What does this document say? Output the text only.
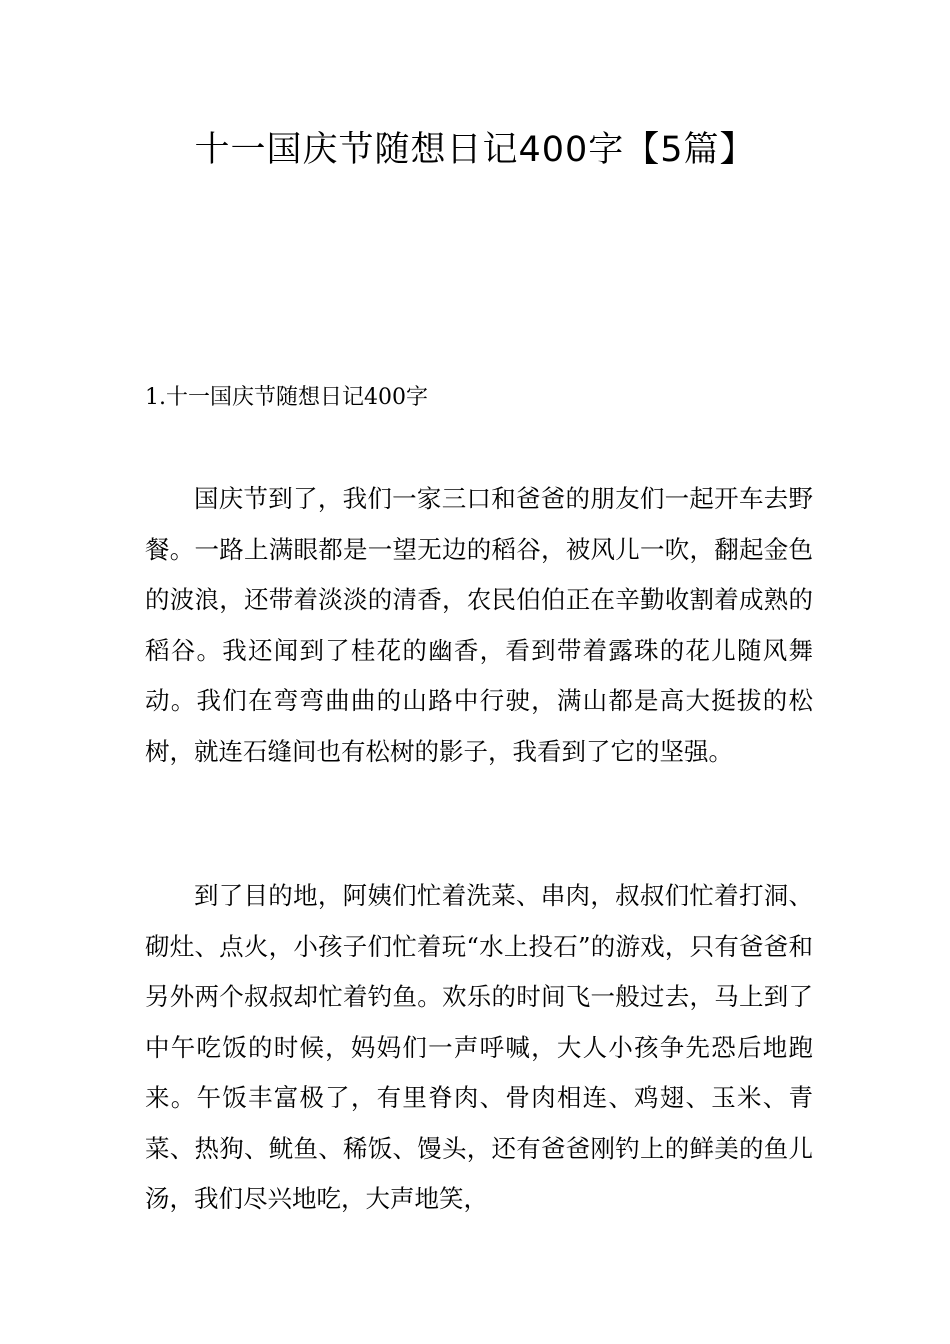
十一国庆节随想日记400字【5篇】

1.十一国庆节随想日记400字

国庆节到了，我们一家三口和爸爸的朋友们一起开车去野餐。一路上满眼都是一望无边的稻谷，被风儿一吹，翻起金色的波浪，还带着淡淡的清香，农民伯伯正在辛勤收割着成熟的稻谷。我还闻到了桂花的幽香，看到带着露珠的花儿随风舞动。我们在弯弯曲曲的山路中行驶，满山都是高大挺拔的松树，就连石缝间也有松树的影子，我看到了它的坚强。

到了目的地，阿姨们忙着洗菜、串肉，叔叔们忙着打洞、砌灶、点火，小孩子们忙着玩“水上投石”的游戏，只有爸爸和另外两个叔叔却忙着钓鱼。欢乐的时间飞一般过去，马上到了中午吃饭的时候，妈妈们一声呼喊，大人小孩争先恐后地跑来。午饭丰富极了，有里脊肉、骨肉相连、鸡翅、玉米、青菜、热狗、鱿鱼、稀饭、馒头，还有爸爸刚钓上的鲜美的鱼儿汤，我们尽兴地吃，大声地笑，
